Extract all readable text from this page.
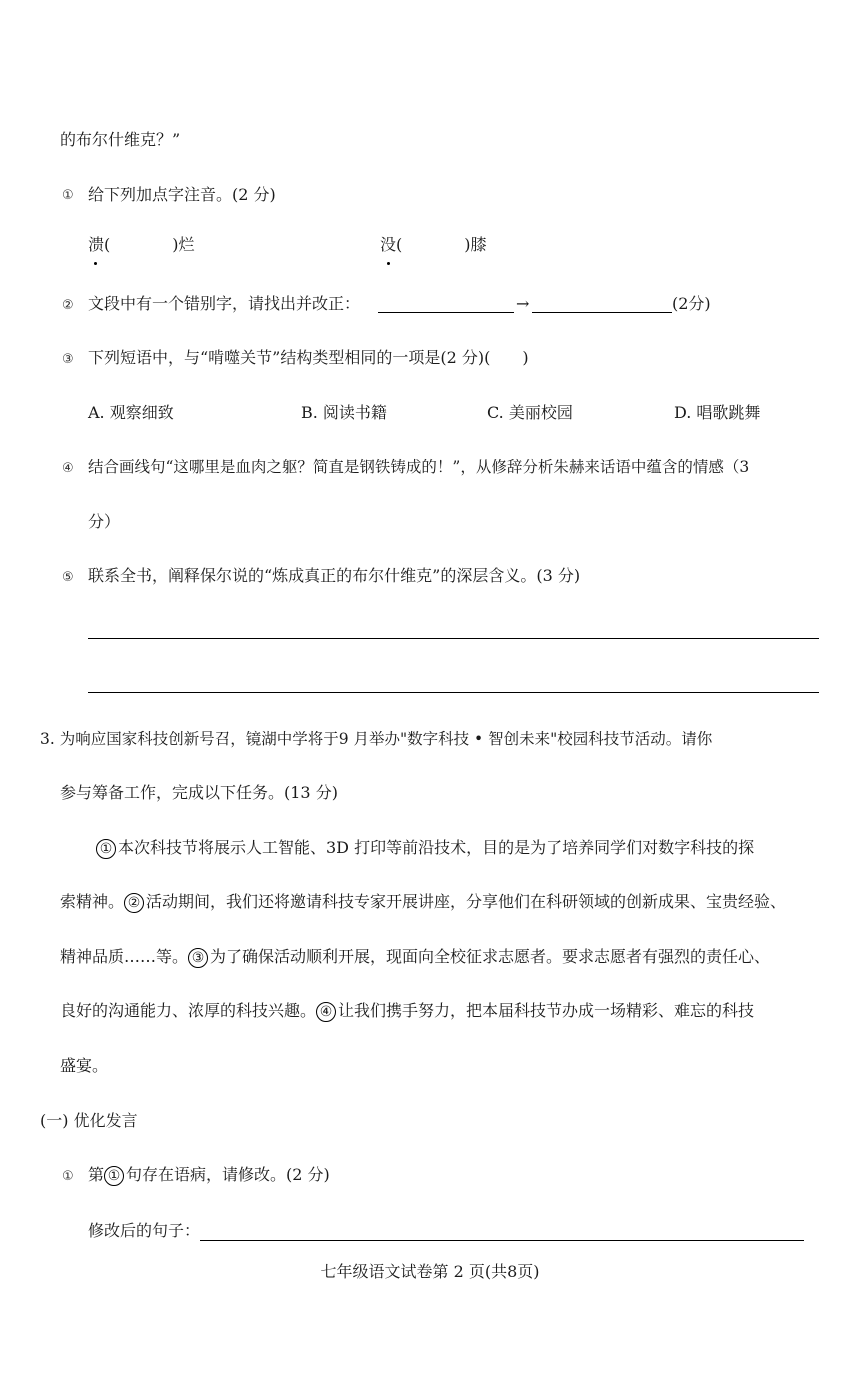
的布尔什维克？”
① 给下列加点字注音。(2 分)
溃(	)烂	没(	)膝
② 文段中有一个错别字，请找出并改正：	→	(2分)
③ 下列短语中，与“啃噬关节”结构类型相同的一项是(2 分)(　　)
A. 观察细致	B. 阅读书籍	C. 美丽校园	D. 唱歌跳舞
④ 结合画线句“这哪里是血肉之躯？简直是钢铁铸成的！”，从修辞分析朱赫来话语中蕴含的情感（3
分）
⑤ 联系全书，阐释保尔说的“炼成真正的布尔什维克”的深层含义。(3 分)
3. 为响应国家科技创新号召，镜湖中学将于9 月举办"数字科技 • 智创未来"校园科技节活动。请你
参与筹备工作，完成以下任务。(13 分)
① 本次科技节将展示人工智能、3D 打印等前沿技术，目的是为了培养同学们对数字科技的探
索精神。 ② 活动期间，我们还将邀请科技专家开展讲座，分享他们在科研领域的创新成果、宝贵经验、
精神品质……等。 ③ 为了确保活动顺利开展，现面向全校征求志愿者。要求志愿者有强烈的责任心、
良好的沟通能力、浓厚的科技兴趣。 ④ 让我们携手努力，把本届科技节办成一场精彩、难忘的科技
盛宴。
(一) 优化发言
① 第 ① 句存在语病，请修改。(2 分)
修改后的句子：
七年级语文试卷第 2 页(共8页)
